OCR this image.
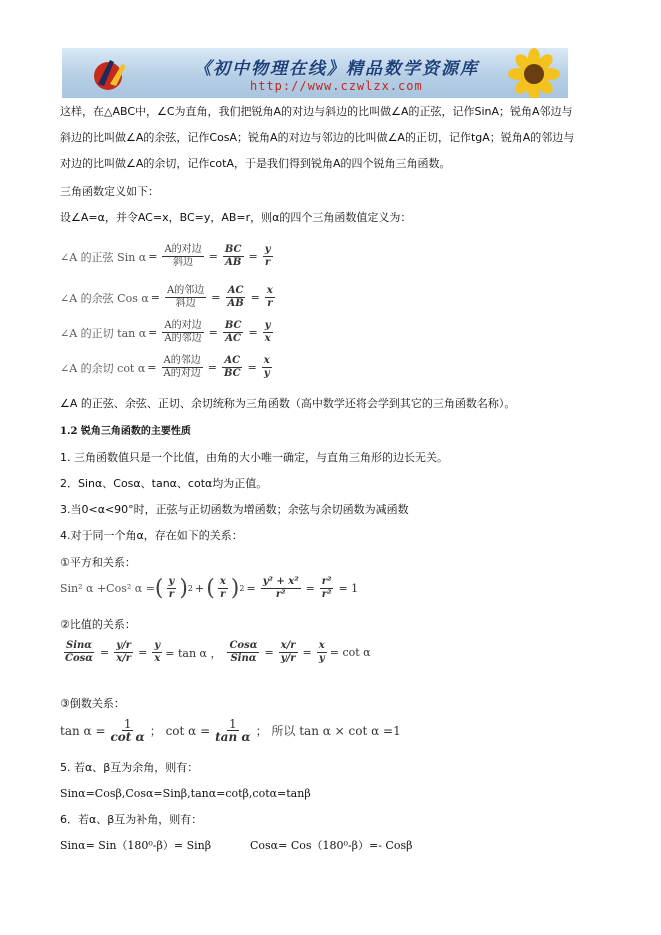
《初中物理在线》精品数学资源库
http://www.czwlzx.com
这样，在△ABC中，∠C为直角，我们把锐角A的对边与斜边的比叫做∠A的正弦，记作SinA；锐角A邻边与
斜边的比叫做∠A的余弦，记作CosA；锐角A的对边与邻边的比叫做∠A的正切，记作tgA；锐角A的邻边与
对边的比叫做∠A的余切，记作cotA，于是我们得到锐角A的四个锐角三角函数。
三角函数定义如下：
设∠A=α，并令AC=x，BC=y，AB=r，则α的四个三角函数值定义为：
∠A 的正弦 Sin $\alpha = \frac{\text{A的对边}}{\text{斜边}} = \frac{BC}{AB} = \frac{y}{r}$
∠A 的余弦 Cos $\alpha = \frac{\text{A的邻边}}{\text{斜边}} = \frac{AC}{AB} = \frac{x}{r}$
∠A 的正切 $\tan \alpha = \frac{\text{A的对边}}{\text{A的邻边}} = \frac{BC}{AC} = \frac{y}{x}$
∠A 的余切 $\cot \alpha = \frac{\text{A的邻边}}{\text{A的对边}} = \frac{AC}{BC} = \frac{x}{y}$
∠A 的正弦、余弦、正切、余切统称为三角函数（高中数学还将会学到其它的三角函数名称）。
1.2 锐角三角函数的主要性质
1. 三角函数值只是一个比值，由角的大小唯一确定，与直角三角形的边长无关。
2．Sinα、Cosα、tanα、cotα均为正值。
3.当0<α<90°时，正弦与正切函数为增函数；余弦与余切函数为减函数
4.对于同一个角α，存在如下的关系：
①平方和关系：
Sin² α +Cos² α = ( $\frac{y}{r}$ ) 2 + ( $\frac{x}{r}$ ) $2 = \frac{\text{y² + x²}}{\text{r²}} = \frac{\text{r²}}{\text{r²}} = 1$
②比值的关系：
$\frac{\text{Sinα}}{\text{Cosα}} = \frac{y/r}{x/r} = \frac{y}{x} = \tan \alpha$ ， $\frac{\text{Cosα}}{\text{Sinα}} = \frac{x/r}{y/r} = \frac{x}{y} = \cot \alpha$
③倒数关系：
$\tan \alpha = \frac{1}{\text{cot α}}$ ； $\cot \alpha = \frac{1}{\text{tan α}}$ ； 所以 tan α × cot α =1
5. 若α、β互为余角，则有：
Sinα=Cosβ,Cosα=Sinβ,tanα=cotβ,cotα=tanβ
6．若α、β互为补角，则有：
Sinα= Sin（180⁰-β）= Sinβ	Cosα= Cos（180⁰-β）=- Cosβ
